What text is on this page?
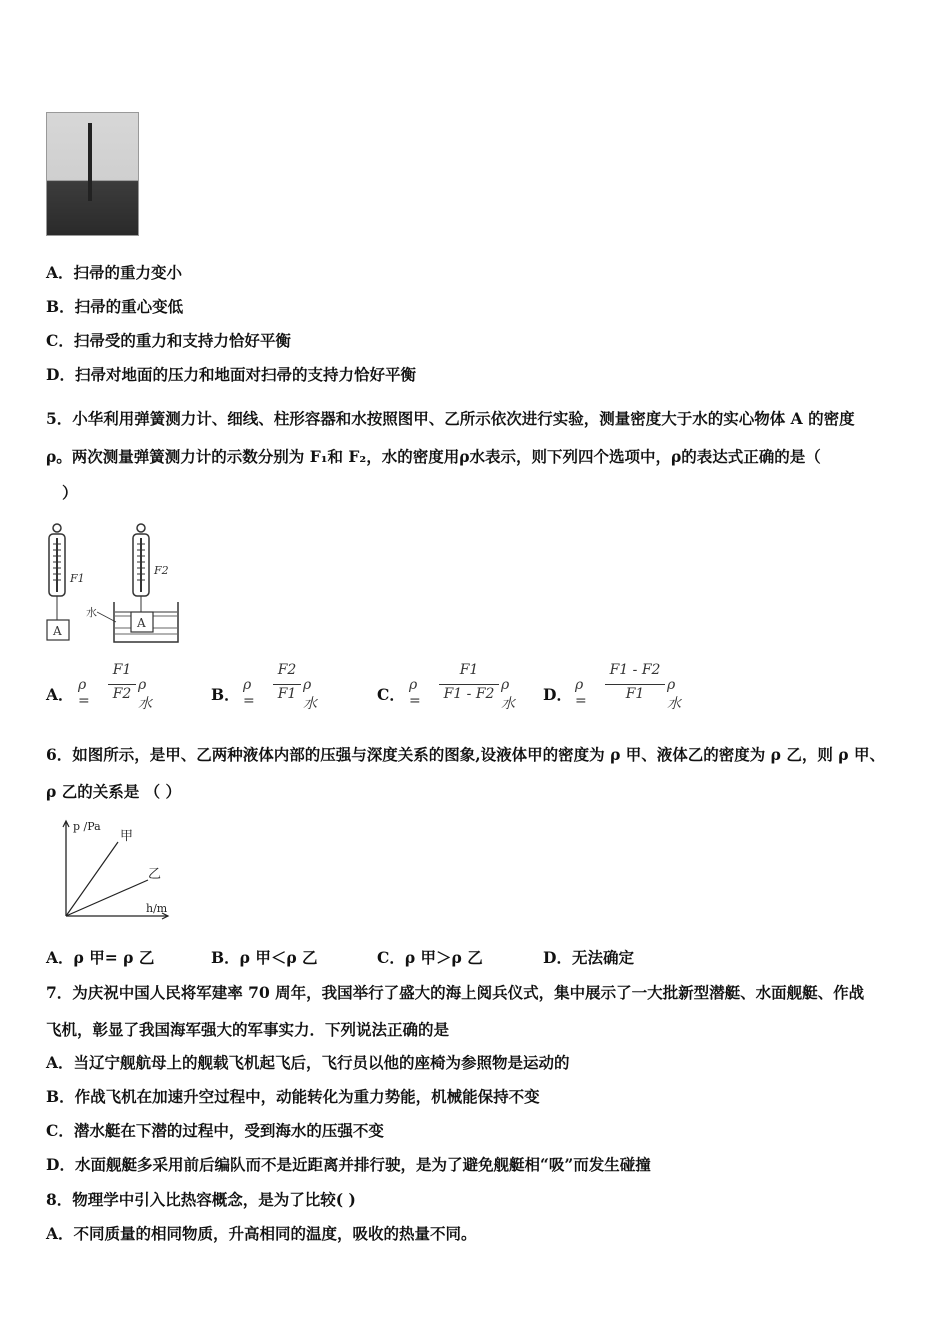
A．扫帚的重力变小
B．扫帚的重心变低
C．扫帚受的重力和支持力恰好平衡
D．扫帚对地面的压力和地面对扫帚的支持力恰好平衡
5．小华利用弹簧测力计、细线、柱形容器和水按照图甲、乙所示依次进行实验，测量密度大于水的实心物体 A 的密度
ρ。两次测量弹簧测力计的示数分别为 F₁和 F₂，水的密度用ρ水表示，则下列四个选项中，ρ的表达式正确的是（
）
F1
A
F2
A
水
A． ρ =
F1
F2
ρ水	B． ρ =
F2
F1
ρ水	C． ρ =
F1
F1 - F2
ρ水 D． ρ =
F1 - F2
F1
ρ水
6．如图所示，是甲、乙两种液体内部的压强与深度关系的图象,设液体甲的密度为 ρ 甲、液体乙的密度为 ρ 乙，则 ρ 甲、
ρ 乙的关系是 （ ）
p /Pa
h/m
甲
乙
A．ρ 甲= ρ 乙	B．ρ 甲＜ρ 乙	C．ρ 甲＞ρ 乙	D．无法确定
7．为庆祝中国人民将军建率 70 周年，我国举行了盛大的海上阅兵仪式，集中展示了一大批新型潜艇、水面舰艇、作战
飞机，彰显了我国海军强大的军事实力．下列说法正确的是
A．当辽宁舰航母上的舰载飞机起飞后，飞行员以他的座椅为参照物是运动的
B．作战飞机在加速升空过程中，动能转化为重力势能，机械能保持不变
C．潜水艇在下潜的过程中，受到海水的压强不变
D．水面舰艇多采用前后编队而不是近距离并排行驶，是为了避免舰艇相“吸”而发生碰撞
8．物理学中引入比热容概念，是为了比较( )
A．不同质量的相同物质，升高相同的温度，吸收的热量不同。
